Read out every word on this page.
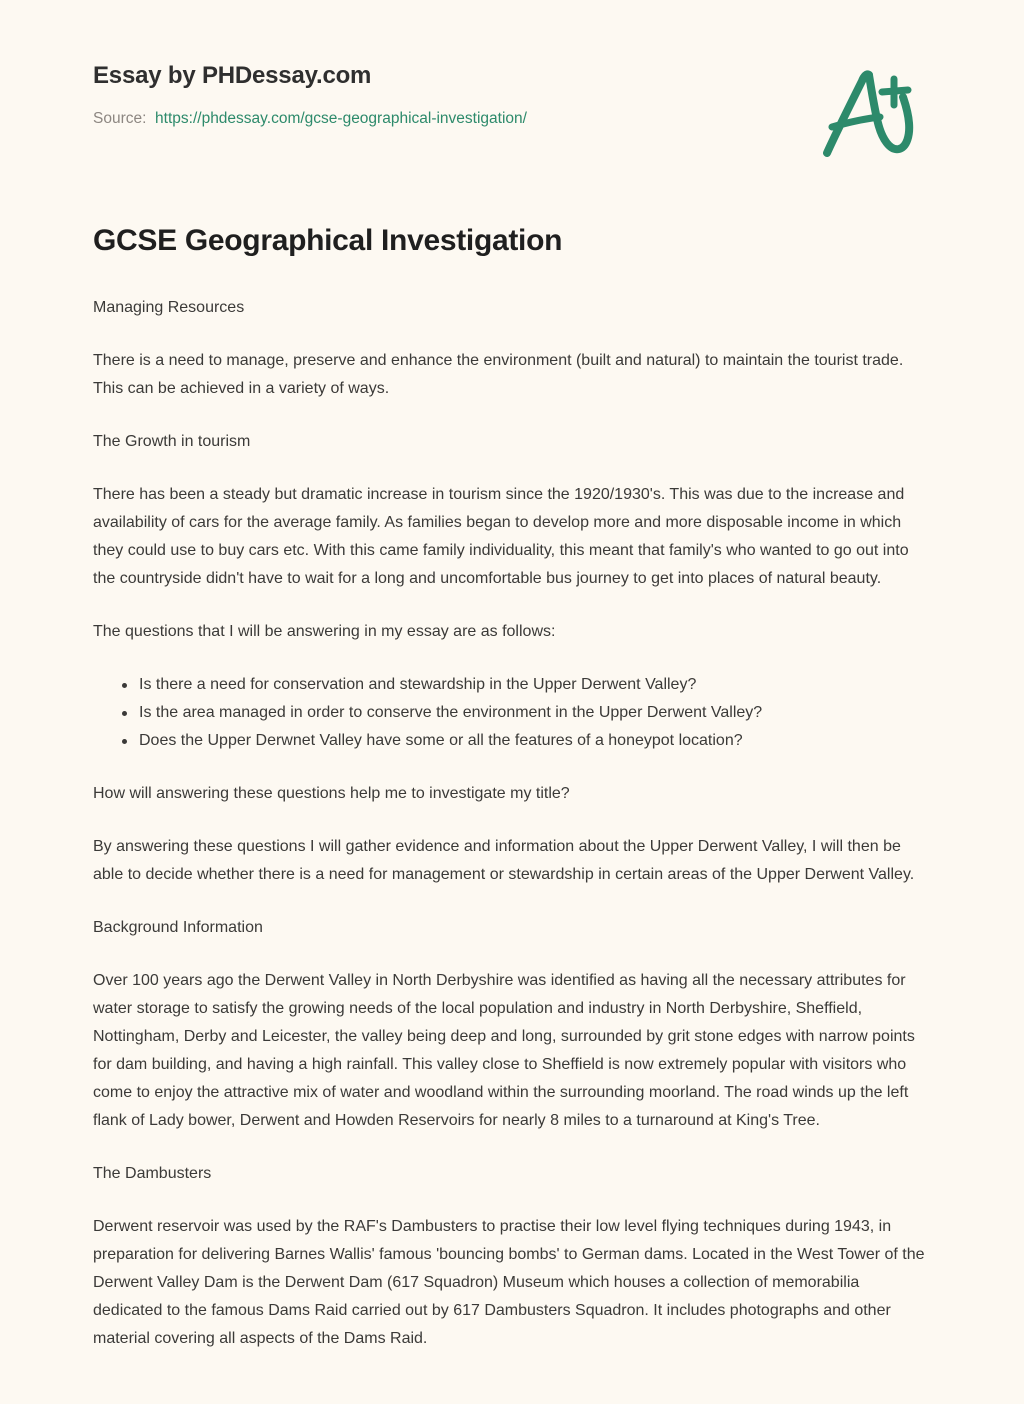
Essay by PHDessay.com
Source: https://phdessay.com/gcse-geographical-investigation/
GCSE Geographical Investigation

Managing Resources

There is a need to manage, preserve and enhance the environment (built and natural) to maintain the tourist trade. This can be achieved in a variety of ways.

The Growth in tourism

There has been a steady but dramatic increase in tourism since the 1920/1930's. This was due to the increase and availability of cars for the average family. As families began to develop more and more disposable income in which they could use to buy cars etc. With this came family individuality, this meant that family's who wanted to go out into the countryside didn't have to wait for a long and uncomfortable bus journey to get into places of natural beauty.

The questions that I will be answering in my essay are as follows:

Is there a need for conservation and stewardship in the Upper Derwent Valley?
Is the area managed in order to conserve the environment in the Upper Derwent Valley?
Does the Upper Derwnet Valley have some or all the features of a honeypot location?

How will answering these questions help me to investigate my title?

By answering these questions I will gather evidence and information about the Upper Derwent Valley, I will then be able to decide whether there is a need for management or stewardship in certain areas of the Upper Derwent Valley.

Background Information

Over 100 years ago the Derwent Valley in North Derbyshire was identified as having all the necessary attributes for water storage to satisfy the growing needs of the local population and industry in North Derbyshire, Sheffield, Nottingham, Derby and Leicester, the valley being deep and long, surrounded by grit stone edges with narrow points for dam building, and having a high rainfall. This valley close to Sheffield is now extremely popular with visitors who come to enjoy the attractive mix of water and woodland within the surrounding moorland. The road winds up the left flank of Lady bower, Derwent and Howden Reservoirs for nearly 8 miles to a turnaround at King's Tree.

The Dambusters

Derwent reservoir was used by the RAF's Dambusters to practise their low level flying techniques during 1943, in preparation for delivering Barnes Wallis' famous 'bouncing bombs' to German dams. Located in the West Tower of the Derwent Valley Dam is the Derwent Dam (617 Squadron) Museum which houses a collection of memorabilia dedicated to the famous Dams Raid carried out by 617 Dambusters Squadron. It includes photographs and other material covering all aspects of the Dams Raid.
